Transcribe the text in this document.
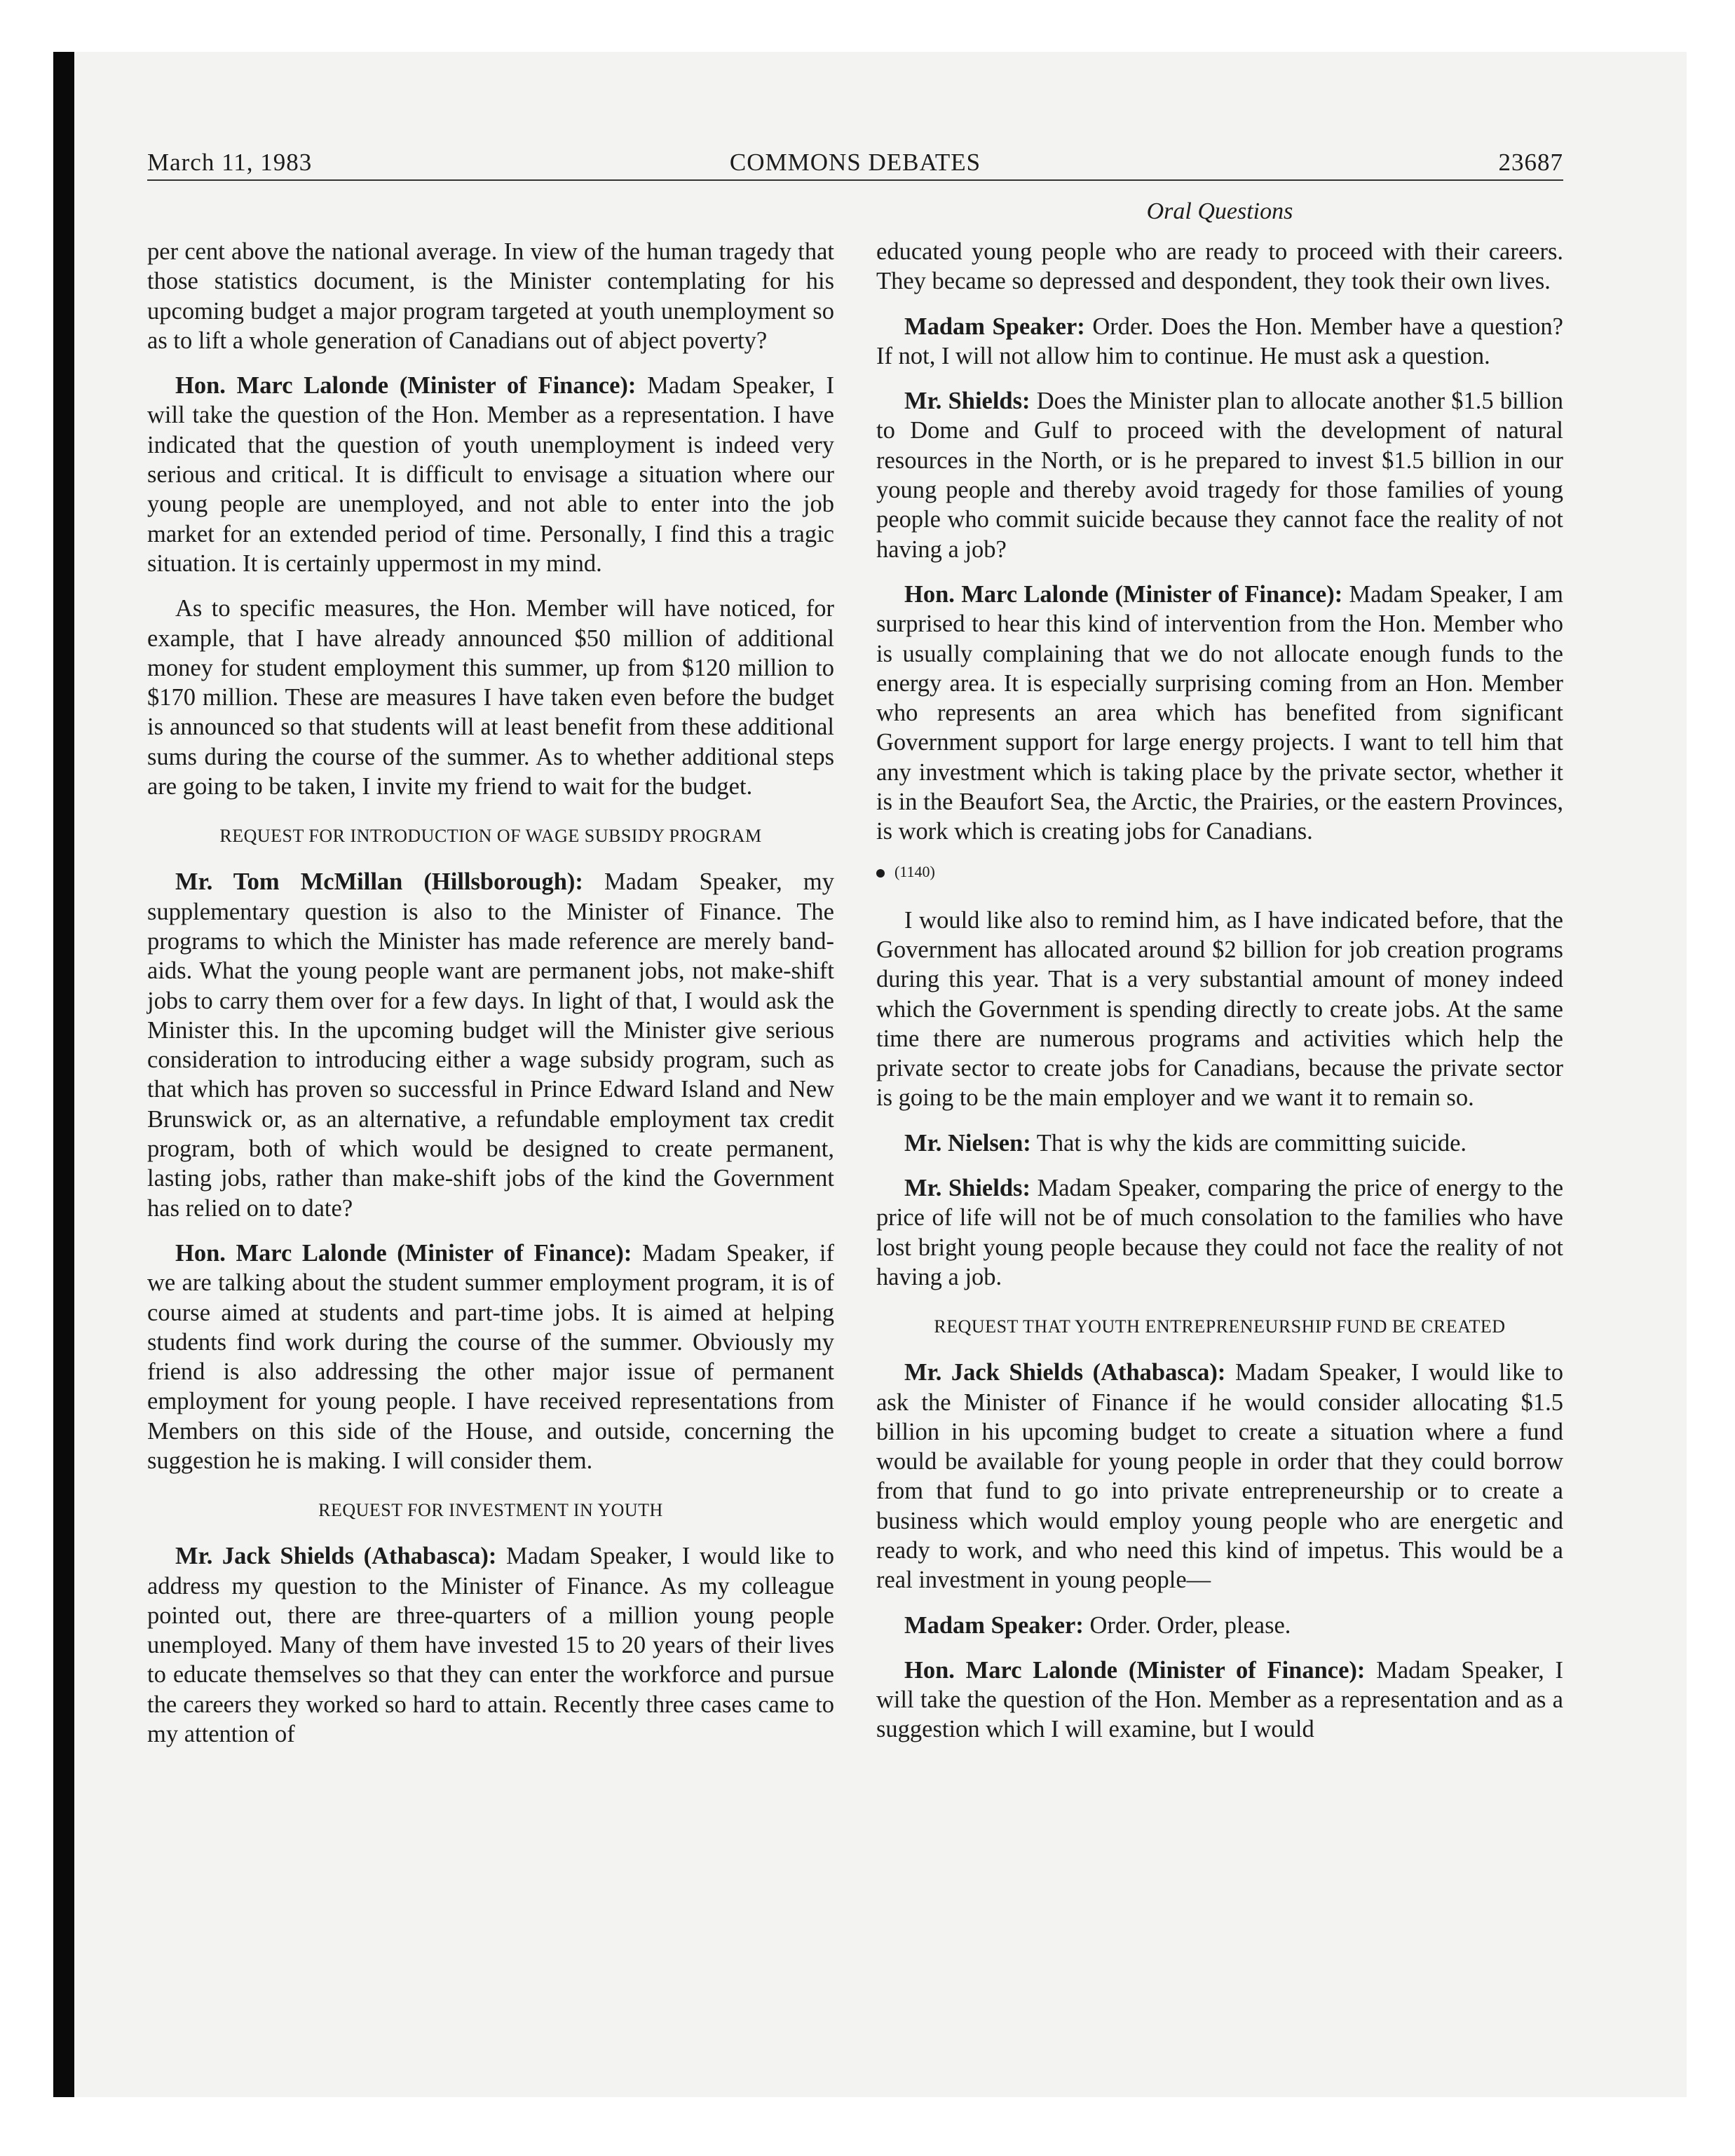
March 11, 1983	COMMONS DEBATES	23687
Oral Questions

per cent above the national average. In view of the human tragedy that those statistics document, is the Minister contemplating for his upcoming budget a major program targeted at youth unemployment so as to lift a whole generation of Canadians out of abject poverty?

Hon. Marc Lalonde (Minister of Finance): Madam Speaker, I will take the question of the Hon. Member as a representation. I have indicated that the question of youth unemployment is indeed very serious and critical. It is difficult to envisage a situation where our young people are unemployed, and not able to enter into the job market for an extended period of time. Personally, I find this a tragic situation. It is certainly uppermost in my mind.

As to specific measures, the Hon. Member will have noticed, for example, that I have already announced $50 million of additional money for student employment this summer, up from $120 million to $170 million. These are measures I have taken even before the budget is announced so that students will at least benefit from these additional sums during the course of the summer. As to whether additional steps are going to be taken, I invite my friend to wait for the budget.

REQUEST FOR INTRODUCTION OF WAGE SUBSIDY PROGRAM

Mr. Tom McMillan (Hillsborough): Madam Speaker, my supplementary question is also to the Minister of Finance. The programs to which the Minister has made reference are merely band-aids. What the young people want are permanent jobs, not make-shift jobs to carry them over for a few days. In light of that, I would ask the Minister this. In the upcoming budget will the Minister give serious consideration to introducing either a wage subsidy program, such as that which has proven so successful in Prince Edward Island and New Brunswick or, as an alternative, a refundable employment tax credit program, both of which would be designed to create permanent, lasting jobs, rather than make-shift jobs of the kind the Government has relied on to date?

Hon. Marc Lalonde (Minister of Finance): Madam Speaker, if we are talking about the student summer employment program, it is of course aimed at students and part-time jobs. It is aimed at helping students find work during the course of the summer. Obviously my friend is also addressing the other major issue of permanent employment for young people. I have received representations from Members on this side of the House, and outside, concerning the suggestion he is making. I will consider them.

REQUEST FOR INVESTMENT IN YOUTH

Mr. Jack Shields (Athabasca): Madam Speaker, I would like to address my question to the Minister of Finance. As my colleague pointed out, there are three-quarters of a million young people unemployed. Many of them have invested 15 to 20 years of their lives to educate themselves so that they can enter the workforce and pursue the careers they worked so hard to attain. Recently three cases came to my attention of

educated young people who are ready to proceed with their careers. They became so depressed and despondent, they took their own lives.

Madam Speaker: Order. Does the Hon. Member have a question? If not, I will not allow him to continue. He must ask a question.

Mr. Shields: Does the Minister plan to allocate another $1.5 billion to Dome and Gulf to proceed with the development of natural resources in the North, or is he prepared to invest $1.5 billion in our young people and thereby avoid tragedy for those families of young people who commit suicide because they cannot face the reality of not having a job?

Hon. Marc Lalonde (Minister of Finance): Madam Speaker, I am surprised to hear this kind of intervention from the Hon. Member who is usually complaining that we do not allocate enough funds to the energy area. It is especially surprising coming from an Hon. Member who represents an area which has benefited from significant Government support for large energy projects. I want to tell him that any investment which is taking place by the private sector, whether it is in the Beaufort Sea, the Arctic, the Prairies, or the eastern Provinces, is work which is creating jobs for Canadians.

(1140)

I would like also to remind him, as I have indicated before, that the Government has allocated around $2 billion for job creation programs during this year. That is a very substantial amount of money indeed which the Government is spending directly to create jobs. At the same time there are numerous programs and activities which help the private sector to create jobs for Canadians, because the private sector is going to be the main employer and we want it to remain so.

Mr. Nielsen: That is why the kids are committing suicide.

Mr. Shields: Madam Speaker, comparing the price of energy to the price of life will not be of much consolation to the families who have lost bright young people because they could not face the reality of not having a job.

REQUEST THAT YOUTH ENTREPRENEURSHIP FUND BE CREATED

Mr. Jack Shields (Athabasca): Madam Speaker, I would like to ask the Minister of Finance if he would consider allocating $1.5 billion in his upcoming budget to create a situation where a fund would be available for young people in order that they could borrow from that fund to go into private entrepreneurship or to create a business which would employ young people who are energetic and ready to work, and who need this kind of impetus. This would be a real investment in young people—

Madam Speaker: Order. Order, please.

Hon. Marc Lalonde (Minister of Finance): Madam Speaker, I will take the question of the Hon. Member as a representation and as a suggestion which I will examine, but I would
